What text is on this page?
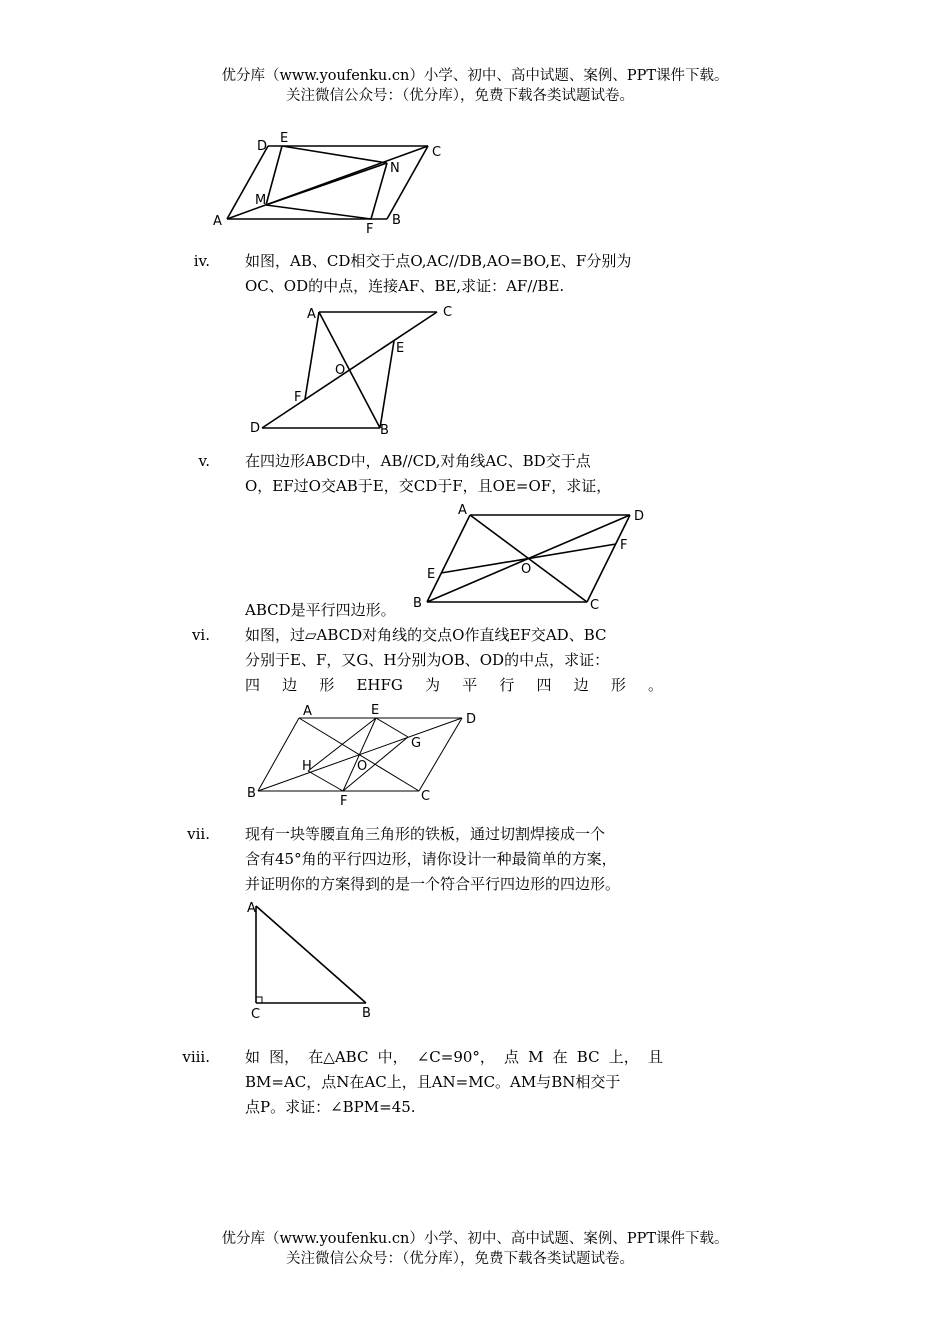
优分库（www.youfenku.cn）小学、初中、高中试题、案例、PPT课件下载。
关注微信公众号：（优分库），免费下载各类试题试卷。
D
E
C
N
M
A
F
B
iv. 如图，AB、CD相交于点O,AC//DB,AO=BO,E、F分别为
OC、OD的中点，连接AF、BE,求证：AF//BE.
A	C
E
O
F
D	B
v. 在四边形ABCD中，AB//CD,对角线AC、BD交于点
O，EF过O交AB于E，交CD于F，且OE=OF，求证，
ABCD是平行四边形。
A	D
F
E	O
B	C
vi. 如图，过▱ABCD对角线的交点O作直线EF交AD、BC
分别于E、F，又G、H分别为OB、OD的中点，求证：
四 边 形 EHFG 为 平 行 四 边 形 。
A	E
D
G
H	O
B
F	C
vii. 现有一块等腰直角三角形的铁板，通过切割焊接成一个
含有45°角的平行四边形，请你设计一种最简单的方案，
并证明你的方案得到的是一个符合平行四边形的四边形。
A
C	B
viii. 如 图， 在△ABC 中， ∠C=90°， 点 M 在 BC 上， 且
BM=AC，点N在AC上，且AN=MC。AM与BN相交于
点P。求证：∠BPM=45.
优分库（www.youfenku.cn）小学、初中、高中试题、案例、PPT课件下载。
关注微信公众号：（优分库），免费下载各类试题试卷。
